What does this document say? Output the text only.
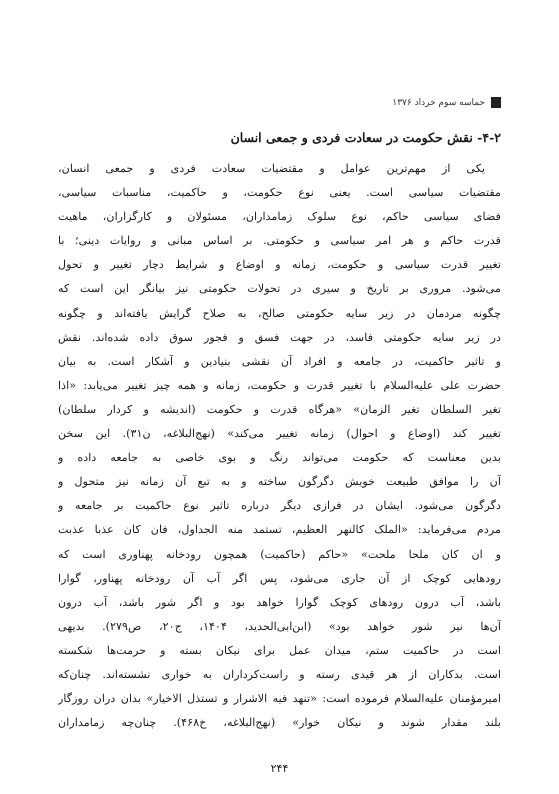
حماسه سوم خرداد ۱۳۷۶
۴-۲- نقش حکومت در سعادت فردی و جمعی انسان
یکی از مهم‌ترین عوامل و مقتضیات سعادت فردی و جمعی انسان،
مقتضیات سیاسی است. یعنی نوع حکومت، و حاکمیت، مناسبات سیاسی،
فضای سیاسی حاکم، نوع سلوک زمامداران، مسئولان و کارگزاران، ماهیت
قدرت حاکم و هر امر سیاسی و حکومتی. بر اساس مبانی و روایات دینی؛ با
تغییر قدرت سیاسی و حکومت، زمانه و اوضاع و شرایط دچار تغییر و تحول
می‌شود. مروری بر تاریخ و سیری در تحولات حکومتی نیز بیانگر این است که
چگونه مردمان در زیر سایه حکومتی صالح، به صلاح گرایش یافته‌اند و چگونه
در زیر سایه حکومتی فاسد، در جهت فسق و فجور سوق داده شده‌اند. نقش
و تاثیر حاکمیت، در جامعه و افراد آن نقشی بنیادین و آشکار است. به بیان
حضرت علی علیه‌السلام با تغییر قدرت و حکومت، زمانه و همه چیز تغییر می‌یابد: «اذا
تغیر السلطان تغیر الزمان» «هرگاه قدرت و حکومت (اندیشه و کردار سلطان)
تغییر کند (اوضاع و احوال) زمانه تغییر می‌کند» (نهج‌البلاغه، ن۳۱). این سخن
بدین معناست که حکومت می‌تواند رنگ و بوی خاصی به جامعه داده و
آن را موافق طبیعت خویش دگرگون ساخته و به تبع آن زمانه نیز متحول و
دگرگون می‌شود. ایشان در فرازی دیگر درباره تاثیر نوع حاکمیت بر جامعه و
مردم می‌فرماید: «الملک کالنهر العظیم، تستمد منه الجداول، فان کان عذبا عذبت
و ان کان ملحا ملحت» «حاکم (حاکمیت) همچون رودخانه پهناوری است که
رودهایی کوچک از آن جاری می‌شود، پس اگر آب آن رودخانه پهناور، گوارا
باشد، آب درون رودهای کوچک گوارا خواهد بود و اگر شور باشد، آب درون
آن‌ها نیز شور خواهد بود» (ابن‌ابی‌الحدید، ۱۴۰۴، ج۲۰، ص۲۷۹). بدیهی
است در حاکمیت ستم، میدان عمل برای نیکان بسته و حرمت‌ها شکسته
است. بدکاران از هر قیدی رسته و راست‌کرداران به خواری نشسته‌اند. چنان‌که
امیرمؤمنان علیه‌السلام فرموده است: «تنهد فیه الاشرار و تستذل الاخیار» بدان دران روزگار
بلند مقدار شوند و نیکان خوار» (نهج‌البلاغه، خ۴۶۸). چنان‌چه زمامداران
۲۴۴
